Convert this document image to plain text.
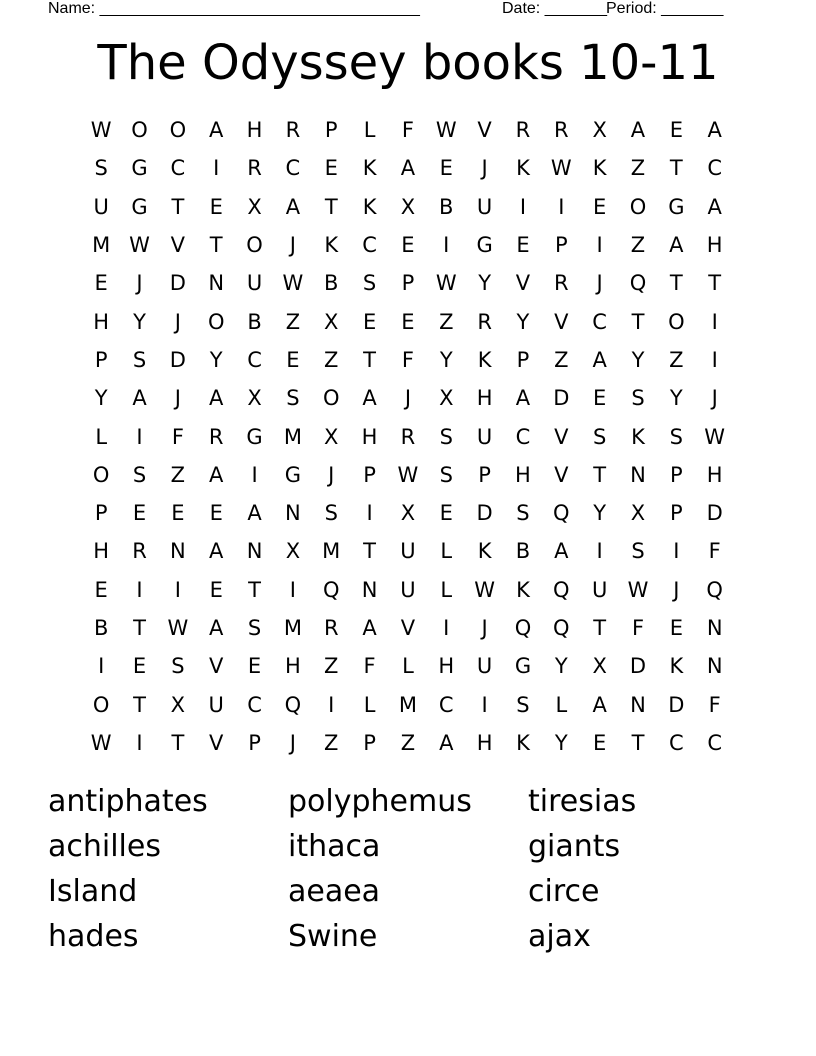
Name: ____________________________________	Date: _______ Period: _______
The Odyssey books 10-11
W O	O	A	H	R	P	L	F	W V	R	R	X	A	E	A
S	G	C	I	R	C	E	K	A	E	J	K	W	K	Z	T	C
U	G	T	E	X	A	T	K	X	B	U	I	I	E	O	G	A
M W V	T	O	J	K	C	E	I	G	E	P	I	Z	A	H
E	J	D	N	U W B	S	P	W	Y	V	R	J	Q	T	T
H	Y	J	O	B	Z	X	E	E	Z	R	Y	V	C	T	O	I
P	S	D	Y	C	E	Z	T	F	Y	K	P	Z	A	Y	Z	I
Y	A	J	A	X	S	O	A	J	X	H	A	D	E	S	Y	J
L	I	F	R	G	M	X	H	R	S	U	C	V	S	K	S	W
O	S	Z	A	I	G	J	P	W	S	P	H	V	T	N	P	H
P	E	E	E	A	N	S	I	X	E	D	S	Q	Y	X	P	D
H	R	N	A	N	X	M	T	U	L	K	B	A	I	S	I	F
E	I	I	E	T	I	Q	N	U	L	W	K	Q	U W	J	Q
B	T	W A	S	M	R	A	V	I	J	Q	Q	T	F	E	N
I	E	S	V	E	H	Z	F	L	H	U	G	Y	X	D	K	N
O	T	X	U	C	Q	I	L	M	C	I	S	L	A	N	D	F
W	I	T	V	P	J	Z	P	Z	A	H	K	Y	E	T	C	C
antiphates	polyphemus	tiresias
achilles	ithaca	giants
Island	aeaea	circe
hades	Swine	ajax
